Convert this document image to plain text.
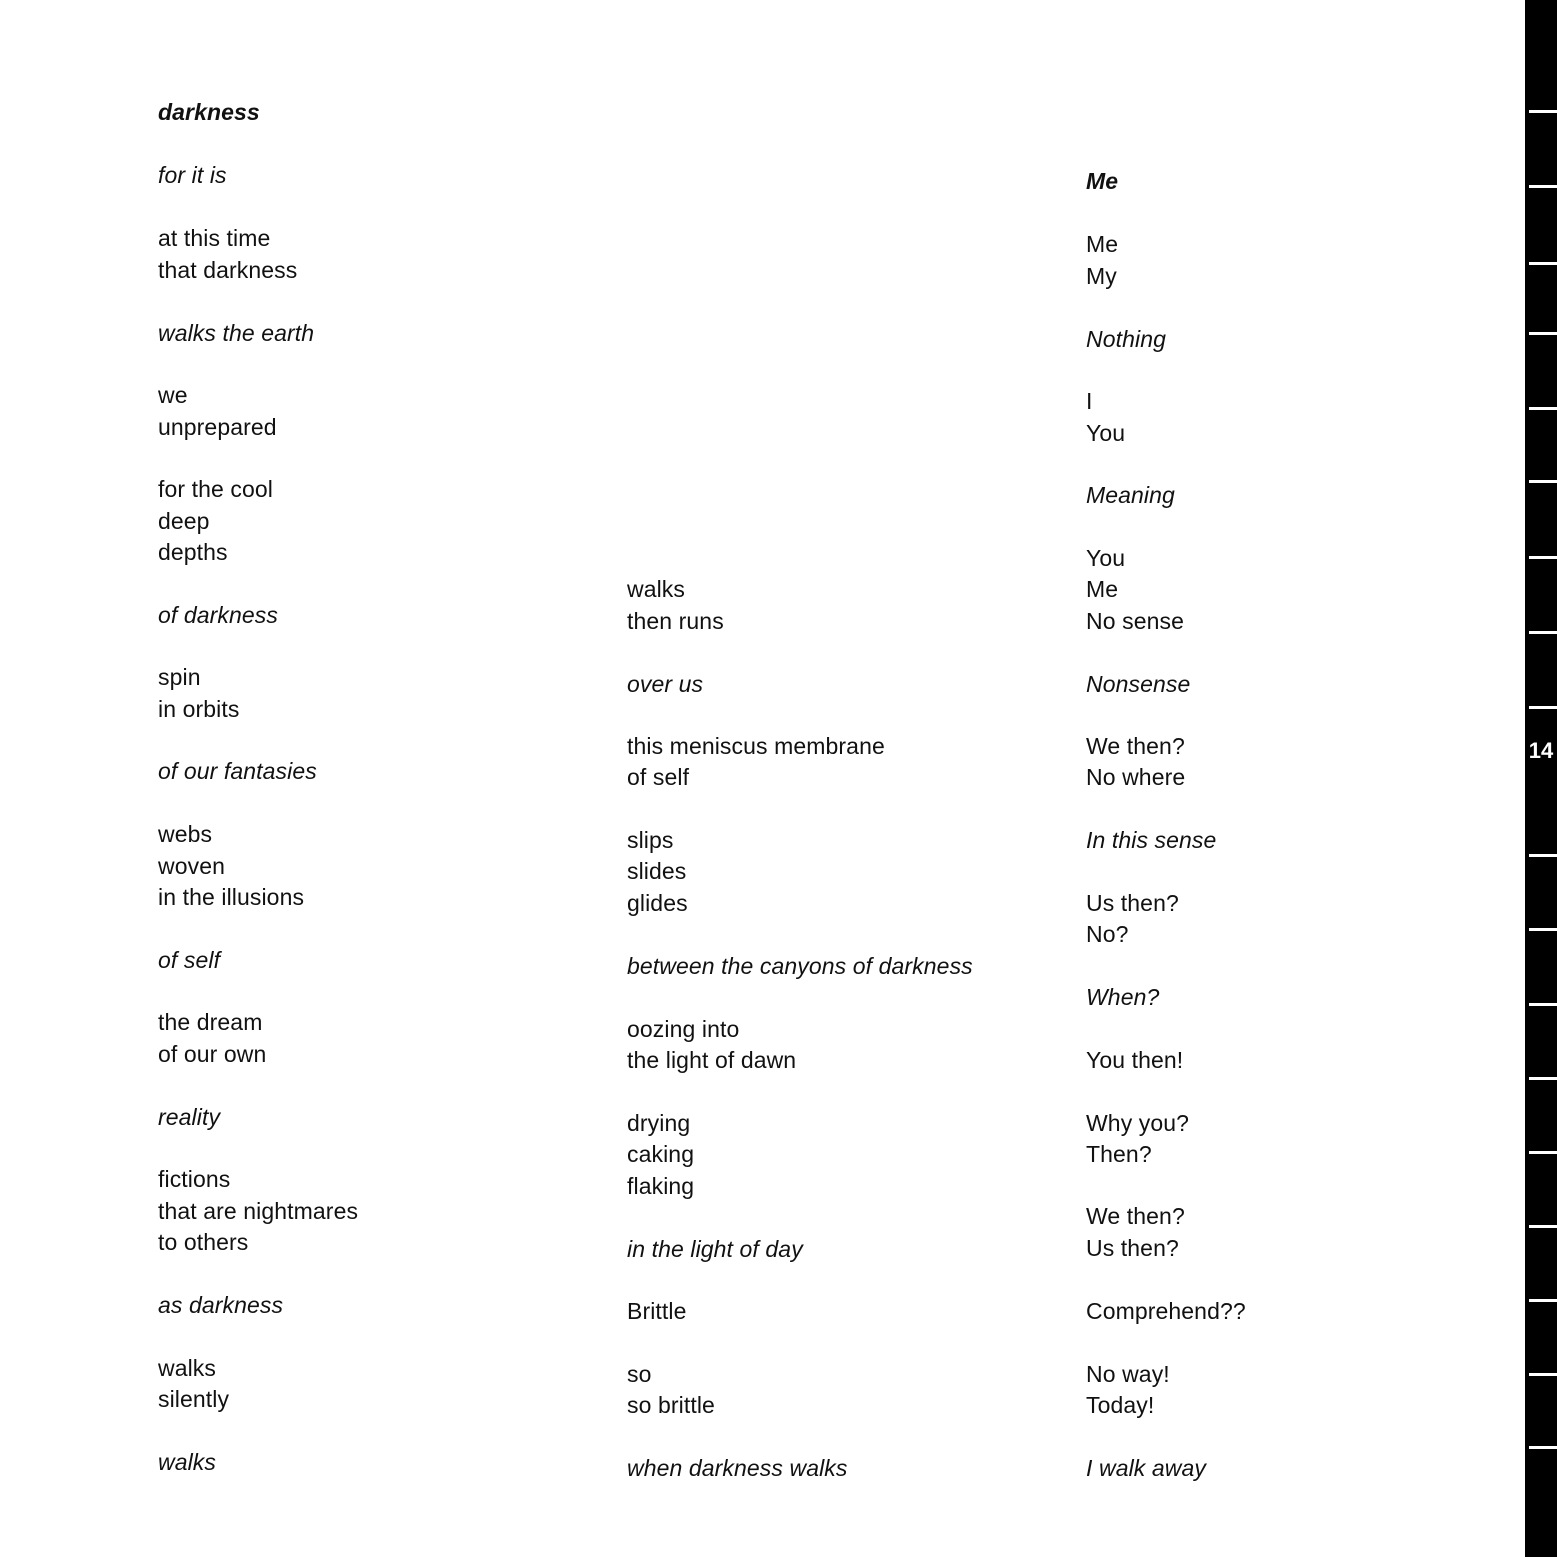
darkness
for it is
at this time
that darkness
walks the earth
we
unprepared
for the cool
deep
depths
of darkness
spin
in orbits
of our fantasies
webs
woven
in the illusions
of self
the dream
of our own
reality
fictions
that are nightmares
to others
as darkness
walks
silently
walks
walks
then runs
over us
this meniscus membrane
of self
slips
slides
glides
between the canyons of darkness
oozing into
the light of dawn
drying
caking
flaking
in the light of day
Brittle
so
so brittle
when darkness walks
Me
Me
My
Nothing
I
You
Meaning
You
Me
No sense
Nonsense
We then?
No where
In this sense
Us then?
No?
When?
You then!
Why you?
Then?
We then?
Us then?
Comprehend??
No way!
Today!
I walk away
14
